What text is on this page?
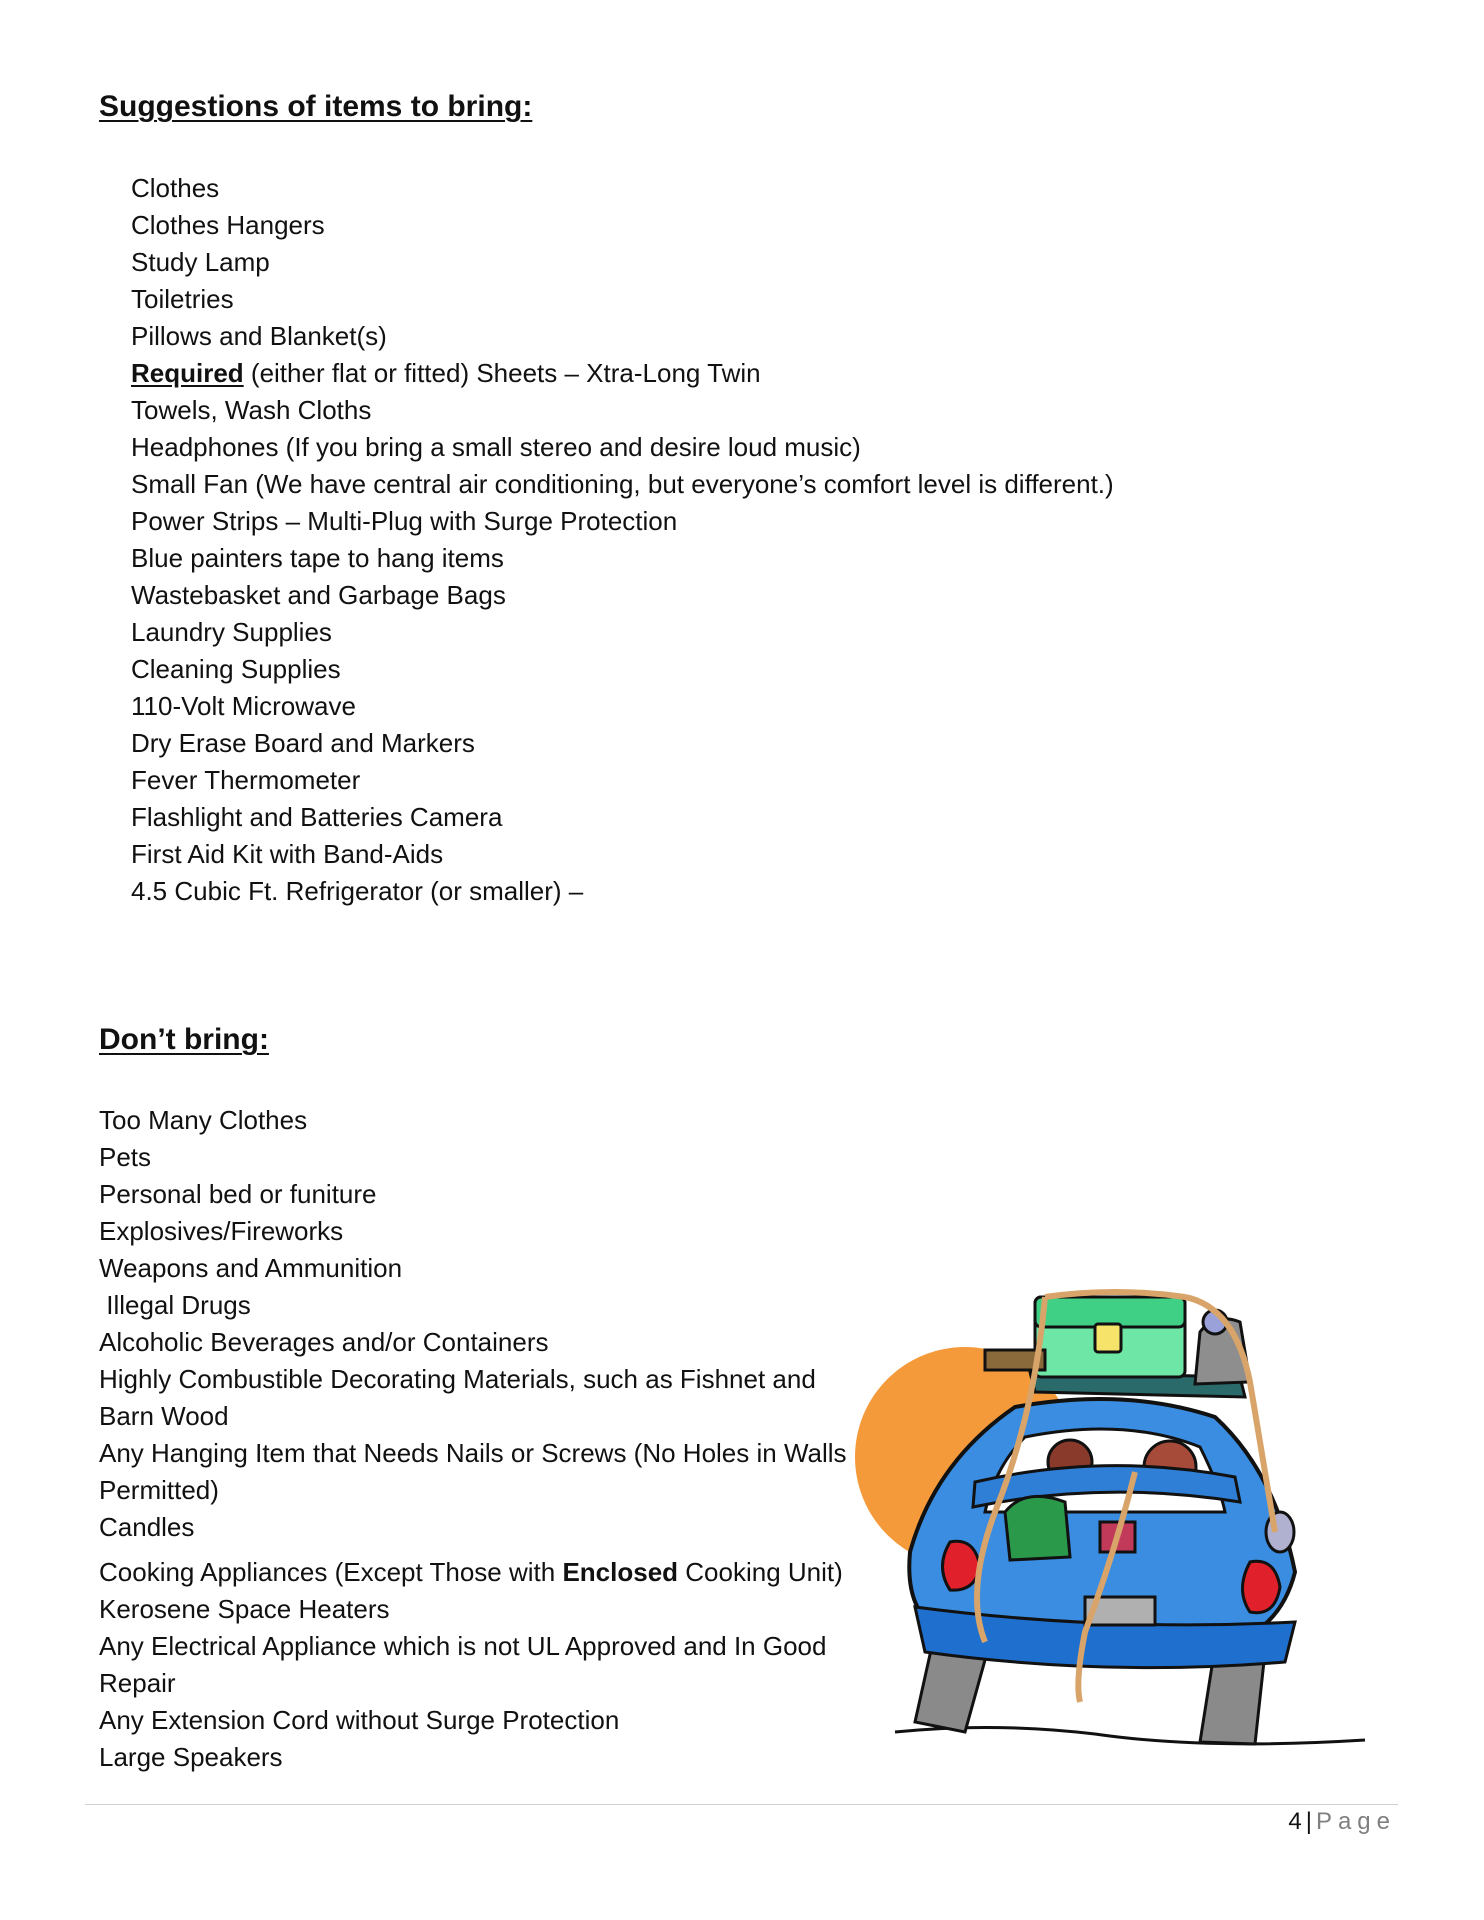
Suggestions of items to bring:
Clothes
Clothes Hangers
Study Lamp
Toiletries
Pillows and Blanket(s)
Required (either flat or fitted) Sheets – Xtra-Long Twin
Towels, Wash Cloths
Headphones (If you bring a small stereo and desire loud music)
Small Fan (We have central air conditioning, but everyone’s comfort level is different.)
Power Strips – Multi-Plug with Surge Protection
Blue painters tape to hang items
Wastebasket and Garbage Bags
Laundry Supplies
Cleaning Supplies
110-Volt Microwave
Dry Erase Board and Markers
Fever Thermometer
Flashlight and Batteries Camera
First Aid Kit with Band-Aids
4.5 Cubic Ft. Refrigerator (or smaller) –
Don’t bring:
Too Many Clothes
Pets
Personal bed or funiture
Explosives/Fireworks
Weapons and Ammunition
Illegal Drugs
Alcoholic Beverages and/or Containers
Highly Combustible Decorating Materials, such as Fishnet and Barn Wood
Any Hanging Item that Needs Nails or Screws (No Holes in Walls Permitted)
Candles
Cooking Appliances (Except Those with Enclosed Cooking Unit)
Kerosene Space Heaters
Any Electrical Appliance which is not UL Approved and In Good Repair
Any Extension Cord without Surge Protection
Large Speakers
4 | Page
